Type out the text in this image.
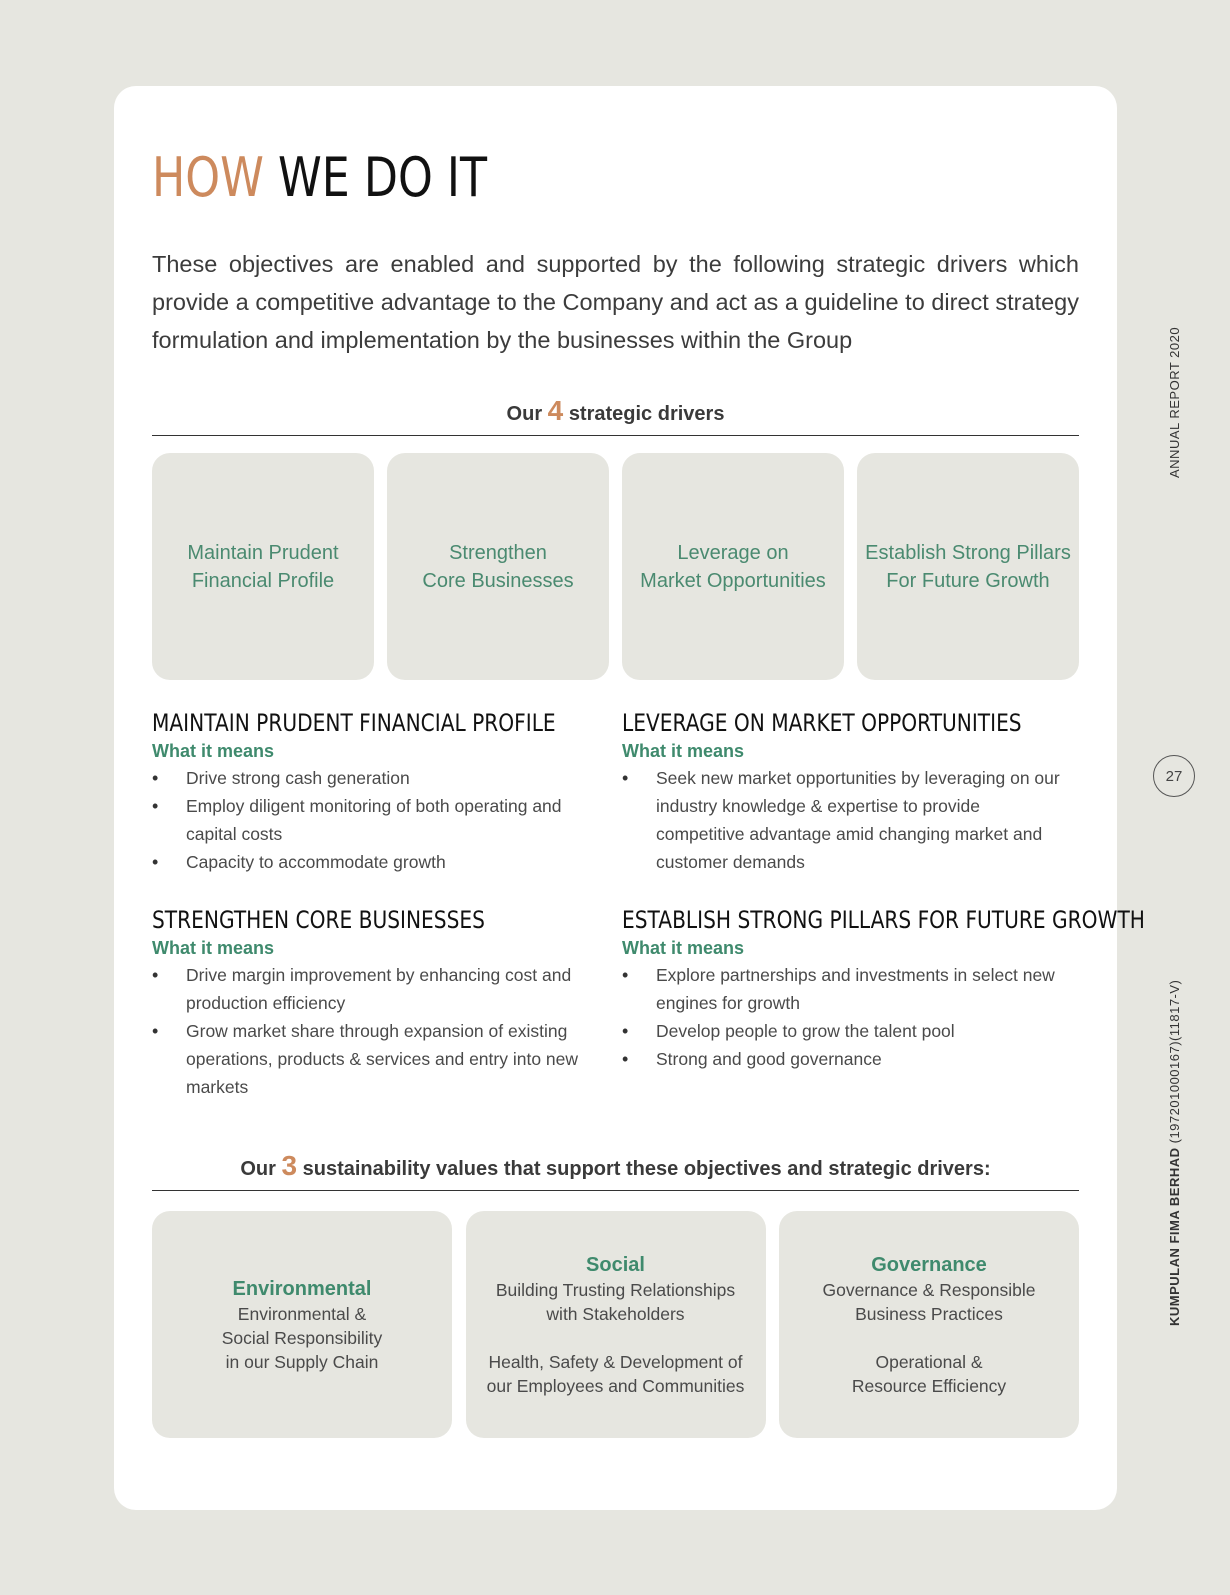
HOW WE DO IT

These objectives are enabled and supported by the following strategic drivers which provide a competitive advantage to the Company and act as a guideline to direct strategy formulation and implementation by the businesses within the Group

Our 4 strategic drivers
Maintain Prudent
Financial Profile
Strengthen
Core Businesses
Leverage on
Market Opportunities
Establish Strong Pillars
For Future Growth
MAINTAIN PRUDENT FINANCIAL PROFILE
What it means
• Drive strong cash generation
• Employ diligent monitoring of both operating and capital costs
• Capacity to accommodate growth
LEVERAGE ON MARKET OPPORTUNITIES
What it means
• Seek new market opportunities by leveraging on our industry knowledge & expertise to provide competitive advantage amid changing market and customer demands
STRENGTHEN CORE BUSINESSES
What it means
• Drive margin improvement by enhancing cost and production efficiency
• Grow market share through expansion of existing operations, products & services and entry into new markets
ESTABLISH STRONG PILLARS FOR FUTURE GROWTH
What it means
• Explore partnerships and investments in select new engines for growth
• Develop people to grow the talent pool
• Strong and good governance
Our 3 sustainability values that support these objectives and strategic drivers:
Environmental
Environmental &
Social Responsibility
in our Supply Chain
Social
Building Trusting Relationships
with Stakeholders
Health, Safety & Development of
our Employees and Communities
Governance
Governance & Responsible
Business Practices
Operational &
Resource Efficiency
ANNUAL REPORT 2020
27
KUMPULAN FIMA BERHAD (197201000167)(11817-V)
